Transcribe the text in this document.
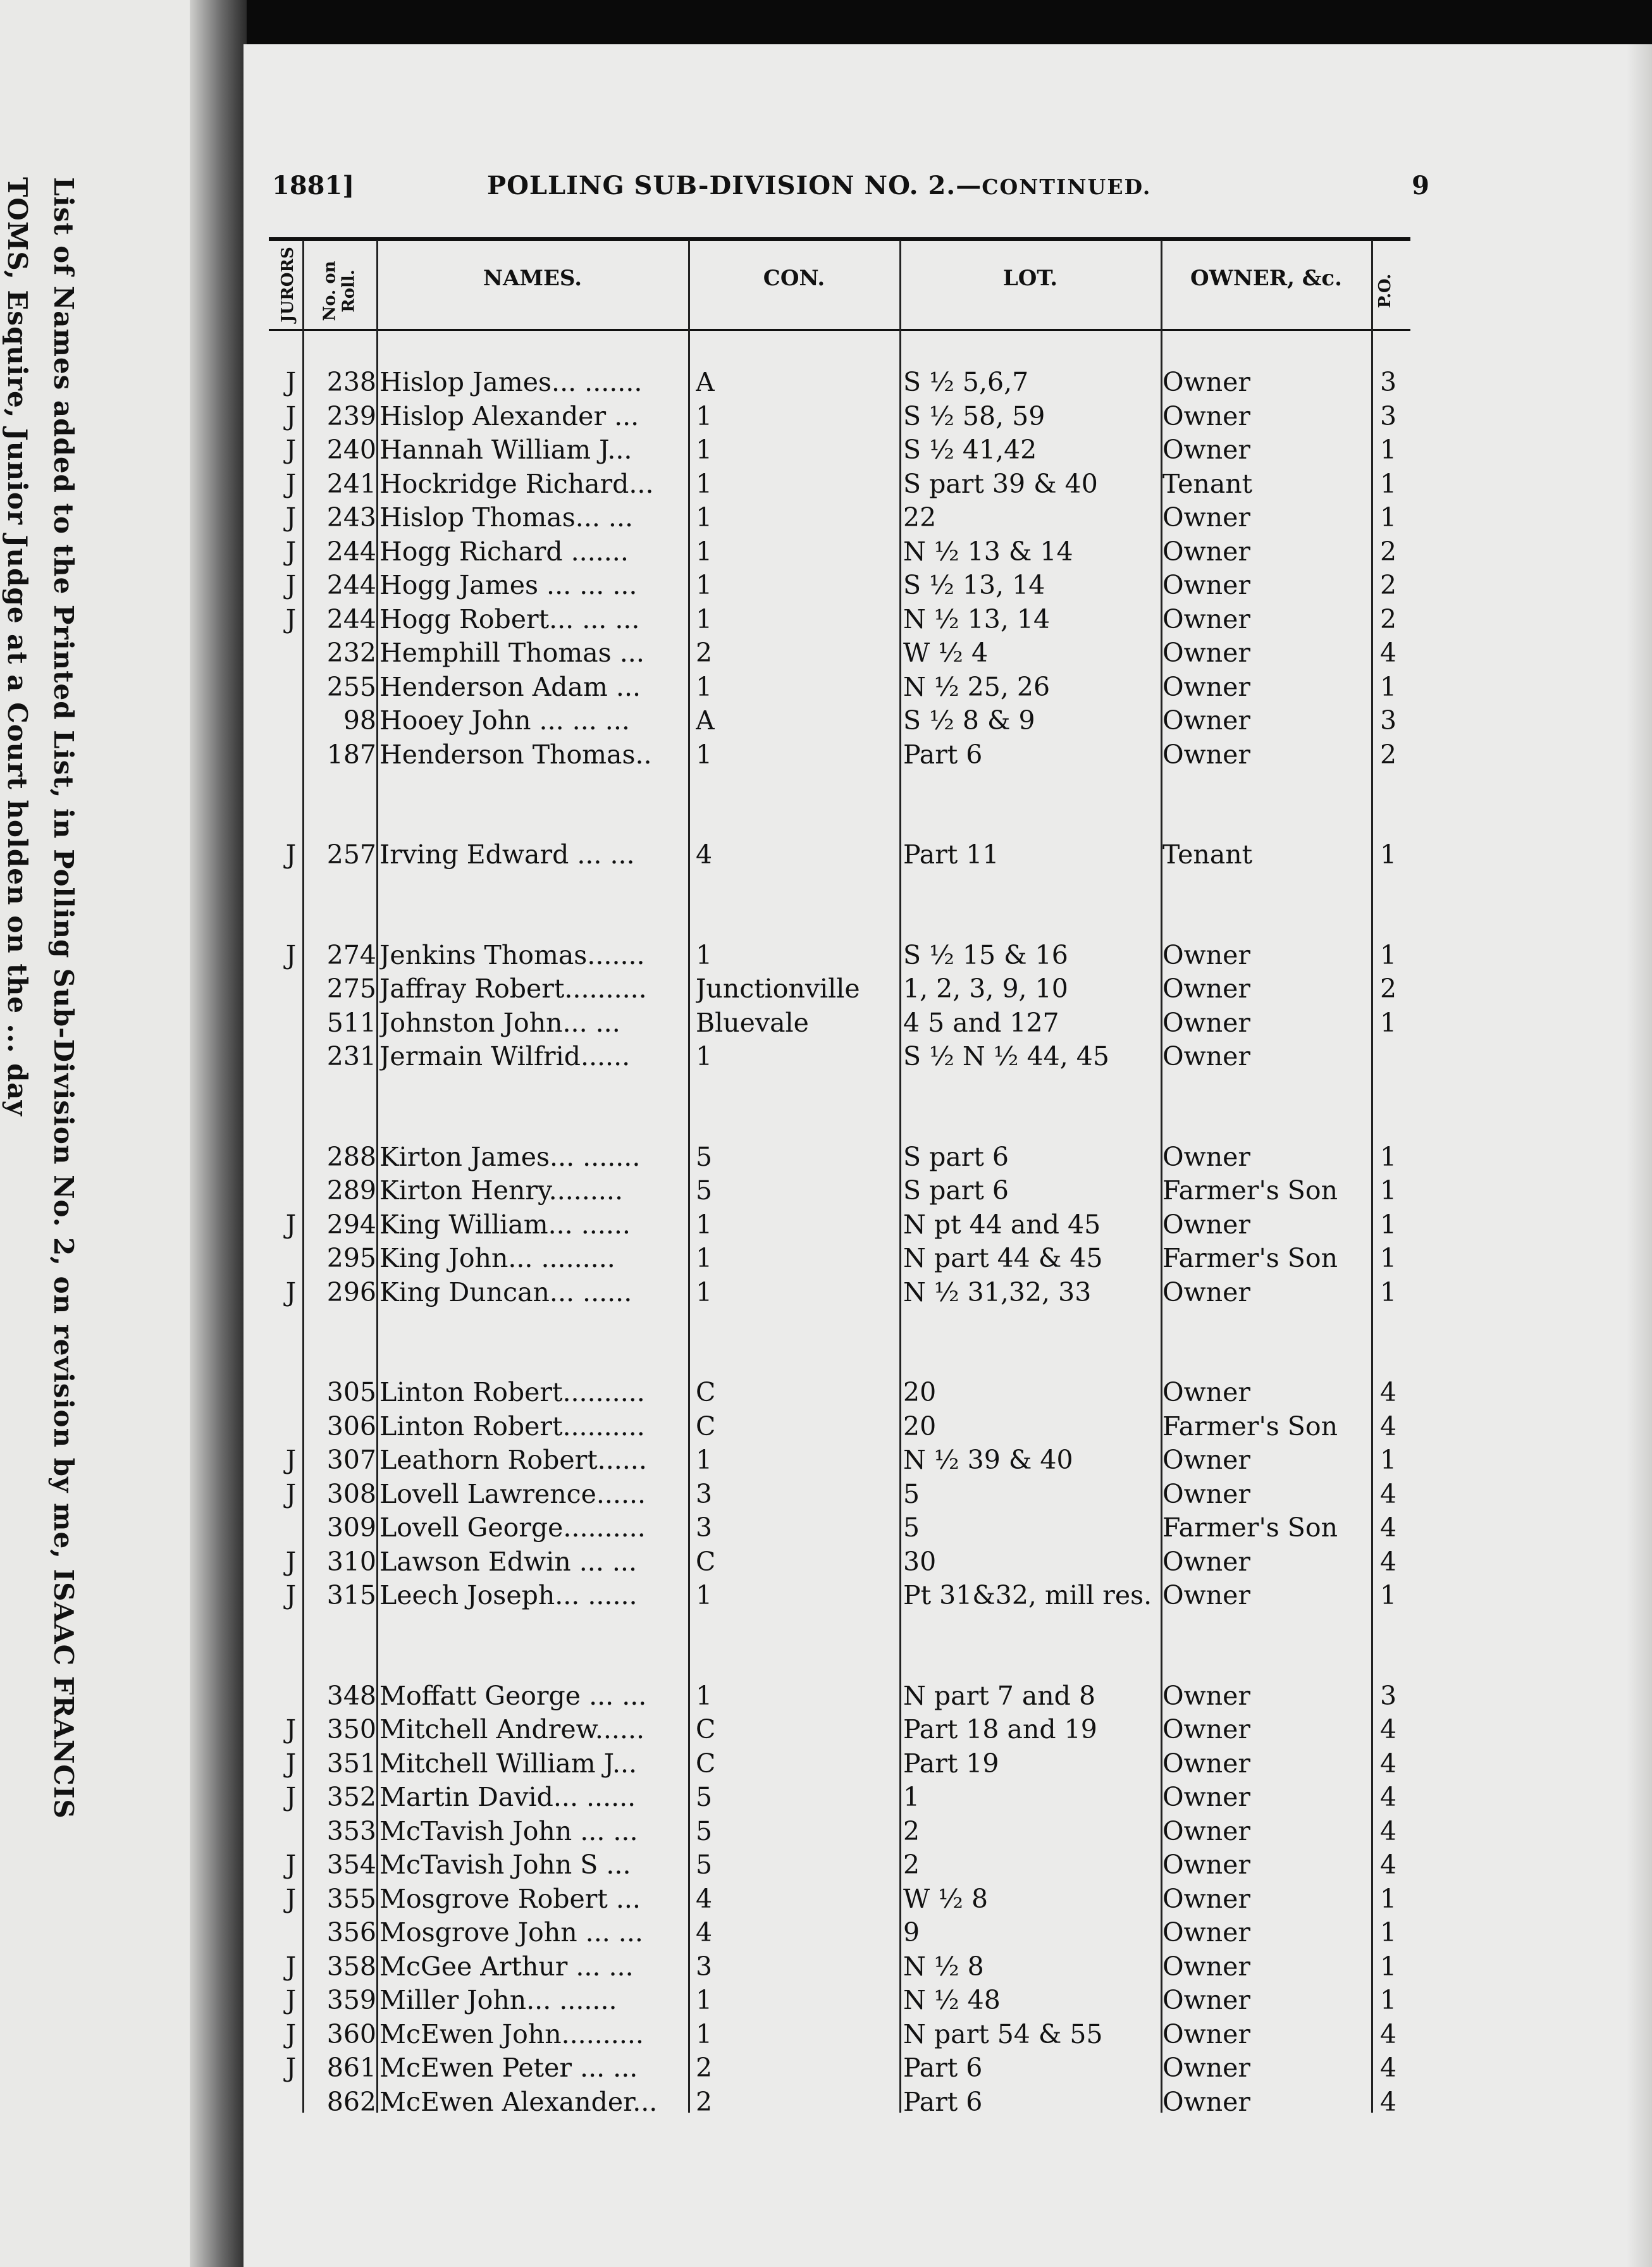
List of Names added to the Printed List, in Polling Sub-Division No. 2, on revision by me, ISAAC FRANCIS
TOMS, Esquire, Junior Judge at a Court holden on the ... day	1881]	POLLING SUB-DIVISION NO. 2.—CONTINUED.	9
JURORS	No. on Roll.	NAMES.	CON.	LOT.	OWNER, &c.	P.O.
J	238 Hislop James... .......	A	S ½ 5,6,7	Owner	3
J	239 Hislop Alexander ...	1	S ½ 58, 59	Owner	3
J	240 Hannah William J...	1	S ½ 41,42	Owner	1
J	241 Hockridge Richard...	1	S part 39 & 40	Tenant	1
J	243 Hislop Thomas... ...	1	22	Owner	1
J	244 Hogg Richard .......	1	N ½ 13 & 14	Owner	2
J	244 Hogg James ... ... ...	1	S ½ 13, 14	Owner	2
J	244 Hogg Robert... ... ...	1	N ½ 13, 14	Owner	2
232 Hemphill Thomas ...	2	W ½ 4	Owner	4
255 Henderson Adam ...	1	N ½ 25, 26	Owner	1
98 Hooey John ... ... ...	A	S ½ 8 & 9	Owner	3
187 Henderson Thomas..	1	Part 6	Owner	2
J	257 Irving Edward ... ...	4	Part 11	Tenant	1
J	274 Jenkins Thomas.......	1	S ½ 15 & 16	Owner	1
275 Jaffray Robert..........	Junctionville	1, 2, 3, 9, 10	Owner	2
511 Johnston John... ...	Bluevale	4 5 and 127	Owner	1
231 Jermain Wilfrid......	1	S ½ N ½ 44, 45	Owner
288 Kirton James... .......	5	S part 6	Owner	1
289 Kirton Henry.........	5	S part 6	Farmer's Son	1
J	294 King William... ......	1	N pt 44 and 45	Owner	1
295 King John... .........	1	N part 44 & 45	Farmer's Son	1
J	296 King Duncan... ......	1	N ½ 31,32, 33	Owner	1
305 Linton Robert..........	C	20	Owner	4
306 Linton Robert..........	C	20	Farmer's Son	4
J	307 Leathorn Robert......	1	N ½ 39 & 40	Owner	1
J	308 Lovell Lawrence......	3	5	Owner	4
309 Lovell George..........	3	5	Farmer's Son	4
J	310 Lawson Edwin ... ...	C	30	Owner	4
J	315 Leech Joseph... ......	1	Pt 31&32, mill res. Owner	1
348 Moffatt George ... ...	1	N part 7 and 8	Owner	3
J	350 Mitchell Andrew......	C	Part 18 and 19	Owner	4
J	351 Mitchell William J...	C	Part 19	Owner	4
J	352 Martin David... ......	5	1	Owner	4
353 McTavish John ... ...	5	2	Owner	4
J	354 McTavish John S ...	5	2	Owner	4
J	355 Mosgrove Robert ...	4	W ½ 8	Owner	1
356 Mosgrove John ... ...	4	9	Owner	1
J	358 McGee Arthur ... ...	3	N ½ 8	Owner	1
J	359 Miller John... .......	1	N ½ 48	Owner	1
J	360 McEwen John..........	1	N part 54 & 55	Owner	4
J	861 McEwen Peter ... ...	2	Part 6	Owner	4
862 McEwen Alexander...	2	Part 6	Owner	4
